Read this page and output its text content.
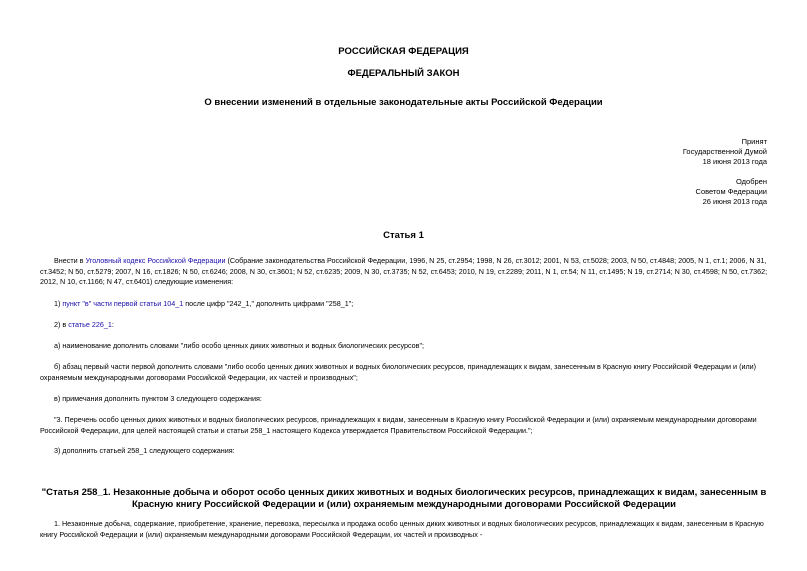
РОССИЙСКАЯ ФЕДЕРАЦИЯ
ФЕДЕРАЛЬНЫЙ ЗАКОН
О внесении изменений в отдельные законодательные акты Российской Федерации
Принят
Государственной Думой
18 июня 2013 года
Одобрен
Советом Федерации
26 июня 2013 года
Статья 1
Внести в Уголовный кодекс Российской Федерации (Собрание законодательства Российской Федерации, 1996, N 25, ст.2954; 1998, N 26, ст.3012; 2001, N 53, ст.5028; 2003, N 50, ст.4848; 2005, N 1, ст.1; 2006, N 31, ст.3452; N 50, ст.5279; 2007, N 16, ст.1826; N 50, ст.6246; 2008, N 30, ст.3601; N 52, ст.6235; 2009, N 30, ст.3735; N 52, ст.6453; 2010, N 19, ст.2289; 2011, N 1, ст.54; N 11, ст.1495; N 19, ст.2714; N 30, ст.4598; N 50, ст.7362; 2012, N 10, ст.1166; N 47, ст.6401) следующие изменения:
1) пункт "в" части первой статьи 104_1 после цифр "242_1," дополнить цифрами "258_1";
2) в статье 226_1:
а) наименование дополнить словами "либо особо ценных диких животных и водных биологических ресурсов";
б) абзац первый части первой дополнить словами "либо особо ценных диких животных и водных биологических ресурсов, принадлежащих к видам, занесенным в Красную книгу Российской Федерации и (или) охраняемым международными договорами Российской Федерации, их частей и производных";
в) примечания дополнить пунктом 3 следующего содержания:
"3. Перечень особо ценных диких животных и водных биологических ресурсов, принадлежащих к видам, занесенным в Красную книгу Российской Федерации и (или) охраняемым международными договорами Российской Федерации, для целей настоящей статьи и статьи 258_1 настоящего Кодекса утверждается Правительством Российской Федерации.";
3) дополнить статьей 258_1 следующего содержания:
"Статья 258_1. Незаконные добыча и оборот особо ценных диких животных и водных биологических ресурсов, принадлежащих к видам, занесенным в Красную книгу Российской Федерации и (или) охраняемым международными договорами Российской Федерации
1. Незаконные добыча, содержание, приобретение, хранение, перевозка, пересылка и продажа особо ценных диких животных и водных биологических ресурсов, принадлежащих к видам, занесенным в Красную книгу Российской Федерации и (или) охраняемым международными договорами Российской Федерации, их частей и производных -
